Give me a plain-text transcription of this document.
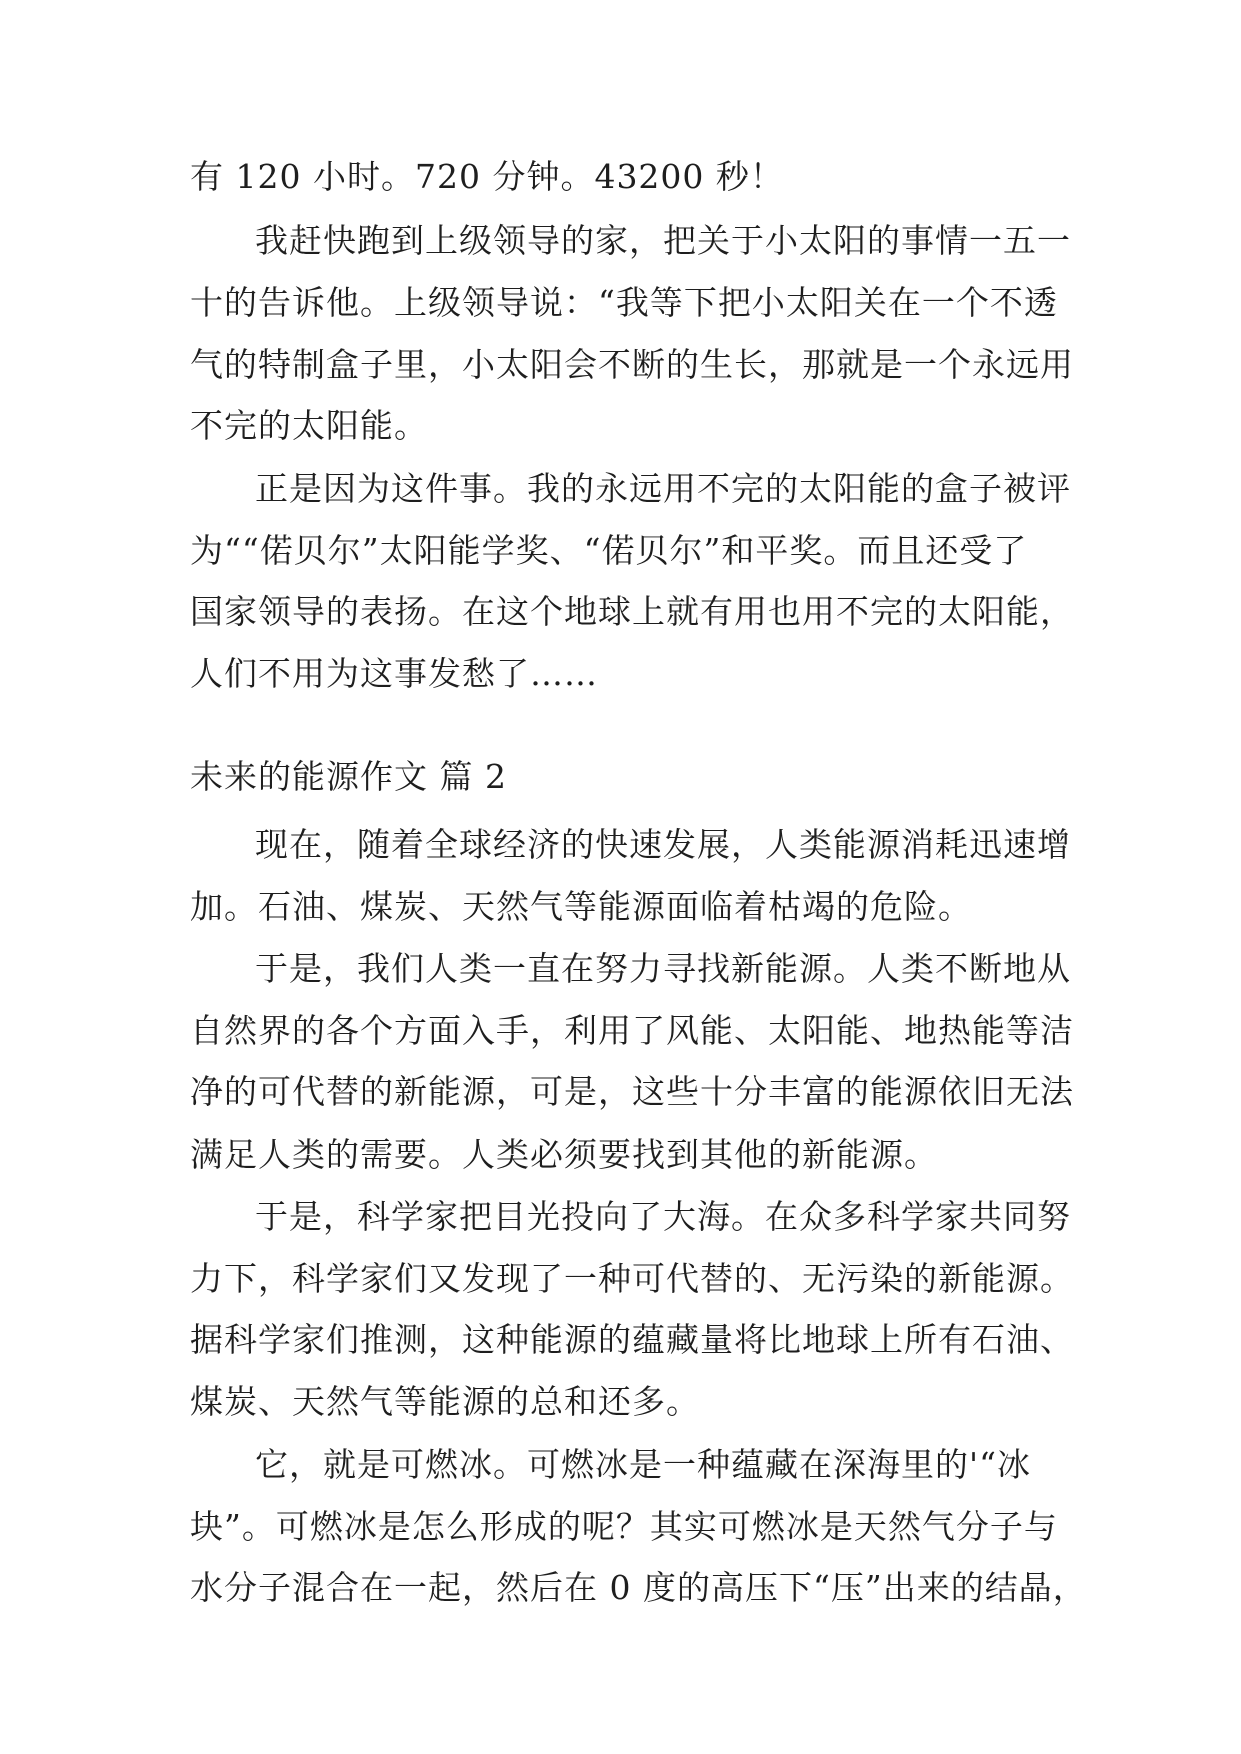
有 120 小时。720 分钟。43200 秒！

我赶快跑到上级领导的家，把关于小太阳的事情一五一

十的告诉他。上级领导说：“我等下把小太阳关在一个不透

气的特制盒子里，小太阳会不断的生长，那就是一个永远用

不完的太阳能。

正是因为这件事。我的永远用不完的太阳能的盒子被评

为““偌贝尔”太阳能学奖、“偌贝尔”和平奖。而且还受了

国家领导的表扬。在这个地球上就有用也用不完的太阳能，

人们不用为这事发愁了……

未来的能源作文 篇 2

现在，随着全球经济的快速发展，人类能源消耗迅速增

加。石油、煤炭、天然气等能源面临着枯竭的危险。

于是，我们人类一直在努力寻找新能源。人类不断地从

自然界的各个方面入手，利用了风能、太阳能、地热能等洁

净的可代替的新能源，可是，这些十分丰富的能源依旧无法

满足人类的需要。人类必须要找到其他的新能源。

于是，科学家把目光投向了大海。在众多科学家共同努

力下，科学家们又发现了一种可代替的、无污染的新能源。

据科学家们推测，这种能源的蕴藏量将比地球上所有石油、

煤炭、天然气等能源的总和还多。

它，就是可燃冰。可燃冰是一种蕴藏在深海里的'“冰

块”。可燃冰是怎么形成的呢？其实可燃冰是天然气分子与

水分子混合在一起，然后在 0 度的高压下“压”出来的结晶，
